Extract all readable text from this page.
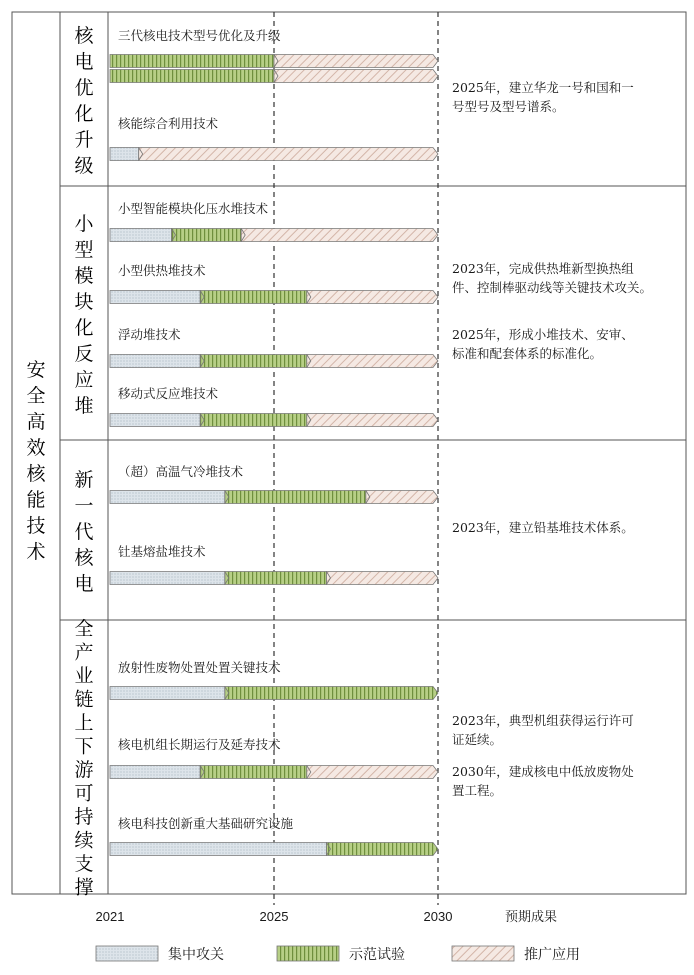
安
全
高
效
核
能
技
术
核
电
优
化
升
级
三代核电技术型号优化及升级
核能综合利用技术
2025年，建立华龙一号和国和一号型号及型号谱系。
小
型
模
块
化
反
应
堆
小型智能模块化压水堆技术
小型供热堆技术
浮动堆技术
移动式反应堆技术
2023年，完成供热堆新型换热组件、控制棒驱动线等关键技术攻关。
2025年，形成小堆技术、安审、标准和配套体系的标准化。
新
一
代
核
电
（超）高温气冷堆技术
钍基熔盐堆技术
2023年，建立铅基堆技术体系。
全
产
业
链
上
下
游
可
持
续
支
撑
放射性废物处置处置关键技术
核电机组长期运行及延寿技术
核电科技创新重大基础研究设施
2023年，典型机组获得运行许可证延续。
2030年，建成核电中低放废物处置工程。
2021	2025	2030	预期成果
集中攻关	示范试验	推广应用
